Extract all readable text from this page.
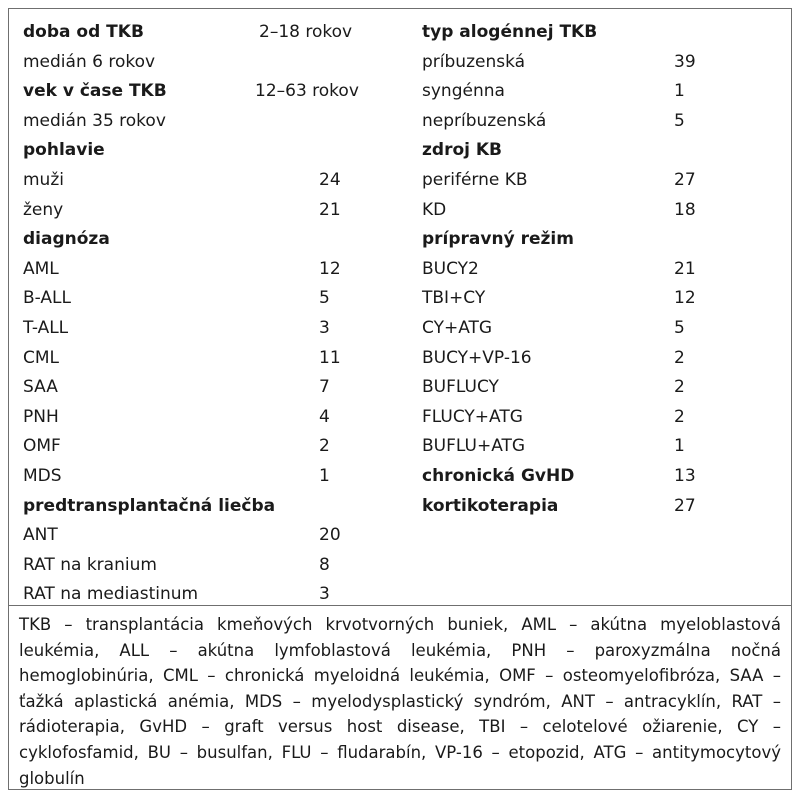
doba od TKB	2–18 rokov
medián 6 rokov
vek v čase TKB	12–63 rokov
medián 35 rokov
pohlavie
muži	24
ženy	21
diagnóza
AML	12
B-ALL	5
T-ALL	3
CML	11
SAA	7
PNH	4
OMF	2
MDS	1
predtransplantačná liečba
ANT	20
RAT na kranium	8
RAT na mediastinum	3
typ alogénnej TKB
príbuzenská	39
syngénna	1
nepríbuzenská	5
zdroj KB
periférne KB	27
KD	18
prípravný režim
BUCY2	21
TBI+CY	12
CY+ATG	5
BUCY+VP-16	2
BUFLUCY	2
FLUCY+ATG	2
BUFLU+ATG	1
chronická GvHD	13
kortikoterapia	27
TKB – transplantácia kmeňových krvotvorných buniek, AML – akútna myeloblastová leukémia, ALL – akútna lymfoblastová leukémia, PNH – paroxyzmálna nočná hemoglobinúria, CML – chronická myeloidná leukémia, OMF – osteomyelofibróza, SAA – ťažká aplastická anémia, MDS – myelodysplastický syndróm, ANT – antracyklín, RAT – rádioterapia, GvHD – graft versus host disease, TBI – celotelové ožiarenie, CY – cyklofosfamid, BU – busulfan, FLU – fludarabín, VP-16 – etopozid, ATG – antitymocytový globulín
